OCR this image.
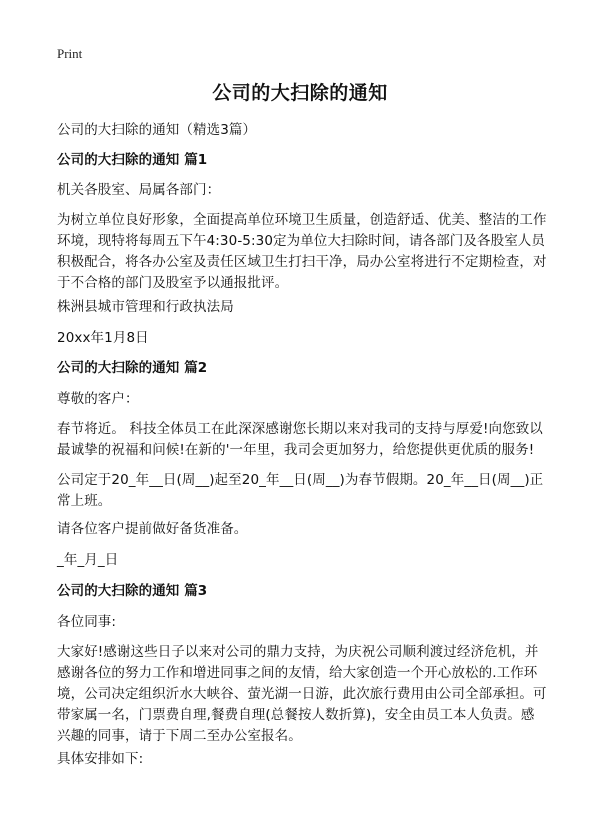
Print
公司的大扫除的通知

公司的大扫除的通知（精选3篇）

公司的大扫除的通知 篇1

机关各股室、局属各部门：

为树立单位良好形象，全面提高单位环境卫生质量，创造舒适、优美、整洁的工作环境，现特将每周五下午4:30-5:30定为单位大扫除时间，请各部门及各股室人员积极配合，将各办公室及责任区域卫生打扫干净，局办公室将进行不定期检查，对于不合格的部门及股室予以通报批评。

株洲县城市管理和行政执法局

20xx年1月8日

公司的大扫除的通知 篇2

尊敬的客户：

春节将近。 科技全体员工在此深深感谢您长期以来对我司的支持与厚爱!向您致以最诚挚的祝福和问候!在新的'一年里，我司会更加努力，给您提供更优质的服务!

公司定于20_年__日(周__)起至20_年__日(周__)为春节假期。20_年__日(周__)正常上班。

请各位客户提前做好备货准备。

_年_月_日

公司的大扫除的通知 篇3

各位同事:

大家好!感谢这些日子以来对公司的鼎力支持，为庆祝公司顺利渡过经济危机，并感谢各位的努力工作和增进同事之间的友情，给大家创造一个开心放松的.工作环境，公司决定组织沂水大峡谷、萤光湖一日游，此次旅行费用由公司全部承担。可带家属一名，门票费自理,餐费自理(总餐按人数折算)，安全由员工本人负责。感兴趣的同事，请于下周二至办公室报名。

具体安排如下:
